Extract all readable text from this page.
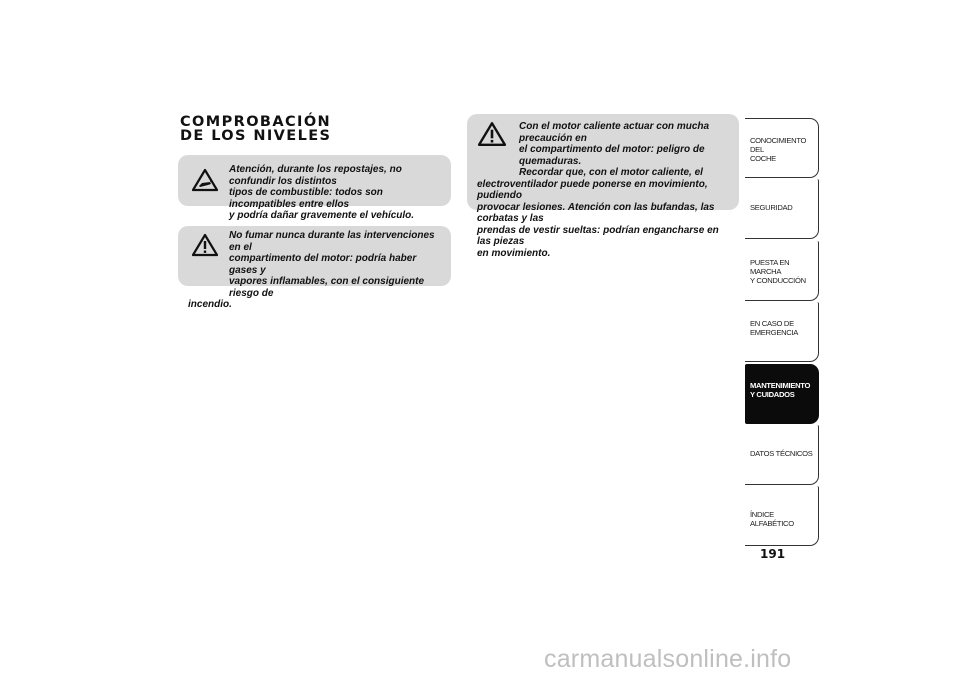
COMPROBACIÓN
DE LOS NIVELES

Atención, durante los repostajes, no confundir los distintos
tipos de combustible: todos son incompatibles entre ellos
y podría dañar gravemente el vehículo.

No fumar nunca durante las intervenciones en el
compartimento del motor: podría haber gases y
vapores inflamables, con el consiguiente riesgo de
incendio.

Con el motor caliente actuar con mucha precaución en
el compartimento del motor: peligro de quemaduras.
Recordar que, con el motor caliente, el
electroventilador puede ponerse en movimiento, pudiendo
provocar lesiones. Atención con las bufandas, las corbatas y las
prendas de vestir sueltas: podrían engancharse en las piezas
en movimiento.

CONOCIMIENTO DEL
COCHE
SEGURIDAD
PUESTA EN MARCHA
Y CONDUCCIÓN
EN CASO DE
EMERGENCIA
MANTENIMIENTO
Y CUIDADOS
DATOS TÉCNICOS
ÍNDICE ALFABÉTICO
191
carmanualsonline.info
